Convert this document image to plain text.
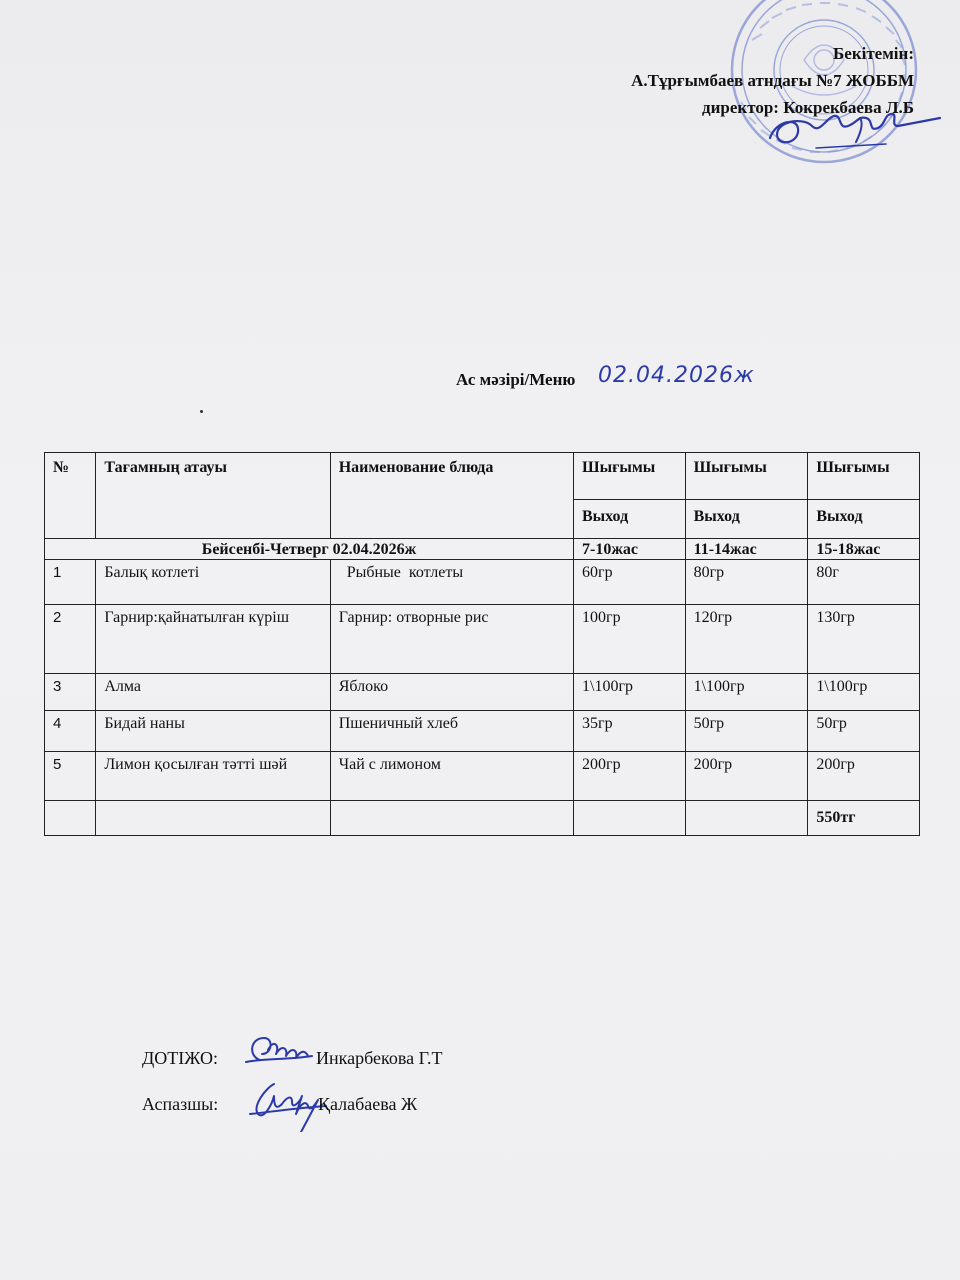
Бекітемін:
А.Тұрғымбаев атндағы №7 ЖОББМ
директор: Кокрекбаева Л.Б
Ас мәзірі/Меню 02.04.2026ж
№	Тағамның атауы	Наименование блюда	Шығымы	Шығымы	Шығымы
			Выход	Выход	Выход
Бейсенбі-Четверг 02.04.2026ж			7-10жас	11-14жас	15-18жас
1	Балық котлеті	Рыбные  котлеты	60гр	80гр	80г
2	Гарнир:қайнатылған күріш	Гарнир: отворные рис	100гр	120гр	130гр
3	Алма	Яблоко	1\100гр	1\100гр	1\100гр
4	Бидай наны	Пшеничный хлеб	35гр	50гр	50гр
5	Лимон қосылған тәтті шәй	Чай с лимоном	200гр	200гр	200гр
					550тг
ДОТІЖО:	Инкарбекова Г.Т
Аспазшы:	Қалабаева Ж
